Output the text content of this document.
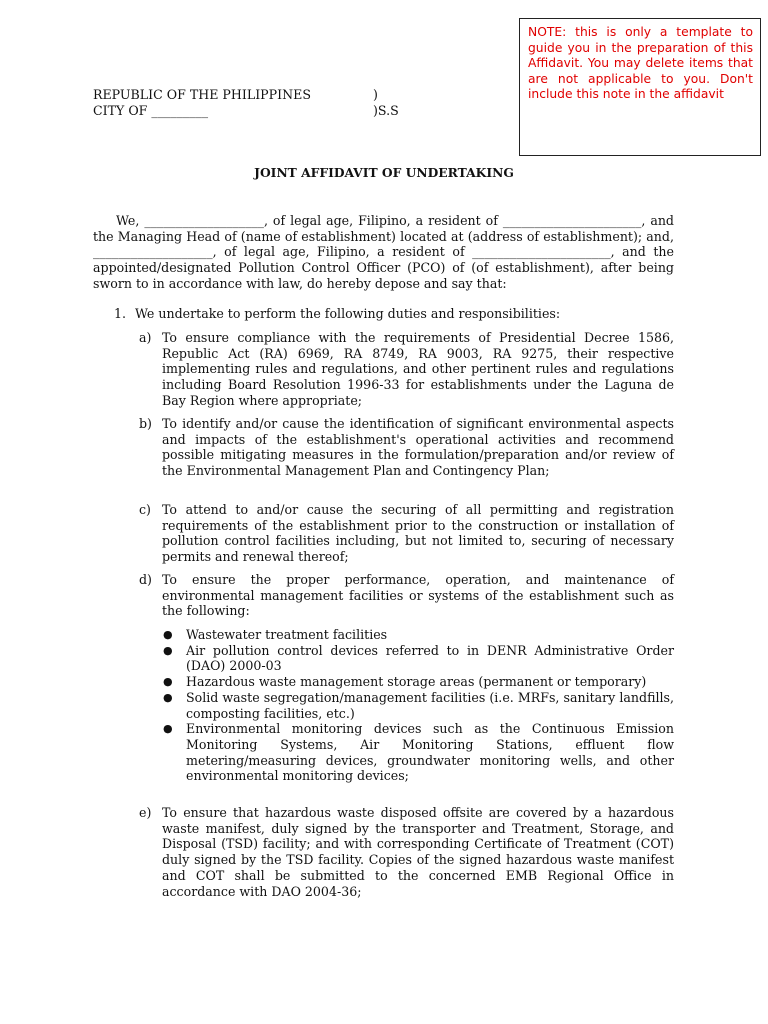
NOTE: this is only a template to guide you in the preparation of this Affidavit. You may delete items that are not applicable to you. Don't include this note in the affidavit
REPUBLIC OF THE PHILIPPINES	)
CITY OF _________	)S.S
JOINT AFFIDAVIT OF UNDERTAKING
We, ___________________, of legal age, Filipino, a resident of ______________________, and the Managing Head of (name of establishment) located at (address of establishment); and, ___________________, of legal age, Filipino, a resident of ______________________, and the appointed/designated Pollution Control Officer (PCO) of (of establishment), after being sworn to in accordance with law, do hereby depose and say that:
1. We undertake to perform the following duties and responsibilities:
a) To ensure compliance with the requirements of Presidential Decree 1586, Republic Act (RA) 6969, RA 8749, RA 9003, RA 9275, their respective implementing rules and regulations, and other pertinent rules and regulations including Board Resolution 1996-33 for establishments under the Laguna de Bay Region where appropriate;
b) To identify and/or cause the identification of significant environmental aspects and impacts of the establishment's operational activities and recommend possible mitigating measures in the formulation/preparation and/or review of the Environmental Management Plan and Contingency Plan;
c) To attend to and/or cause the securing of all permitting and registration requirements of the establishment prior to the construction or installation of pollution control facilities including, but not limited to, securing of necessary permits and renewal thereof;
d) To ensure the proper performance, operation, and maintenance of environmental management facilities or systems of the establishment such as the following:
● Wastewater treatment facilities
● Air pollution control devices referred to in DENR Administrative Order (DAO) 2000-03
● Hazardous waste management storage areas (permanent or temporary)
● Solid waste segregation/management facilities (i.e. MRFs, sanitary landfills, composting facilities, etc.)
● Environmental monitoring devices such as the Continuous Emission Monitoring Systems, Air Monitoring Stations, effluent flow metering/measuring devices, groundwater monitoring wells, and other environmental monitoring devices;
e) To ensure that hazardous waste disposed offsite are covered by a hazardous waste manifest, duly signed by the transporter and Treatment, Storage, and Disposal (TSD) facility; and with corresponding Certificate of Treatment (COT) duly signed by the TSD facility. Copies of the signed hazardous waste manifest and COT shall be submitted to the concerned EMB Regional Office in accordance with DAO 2004-36;
